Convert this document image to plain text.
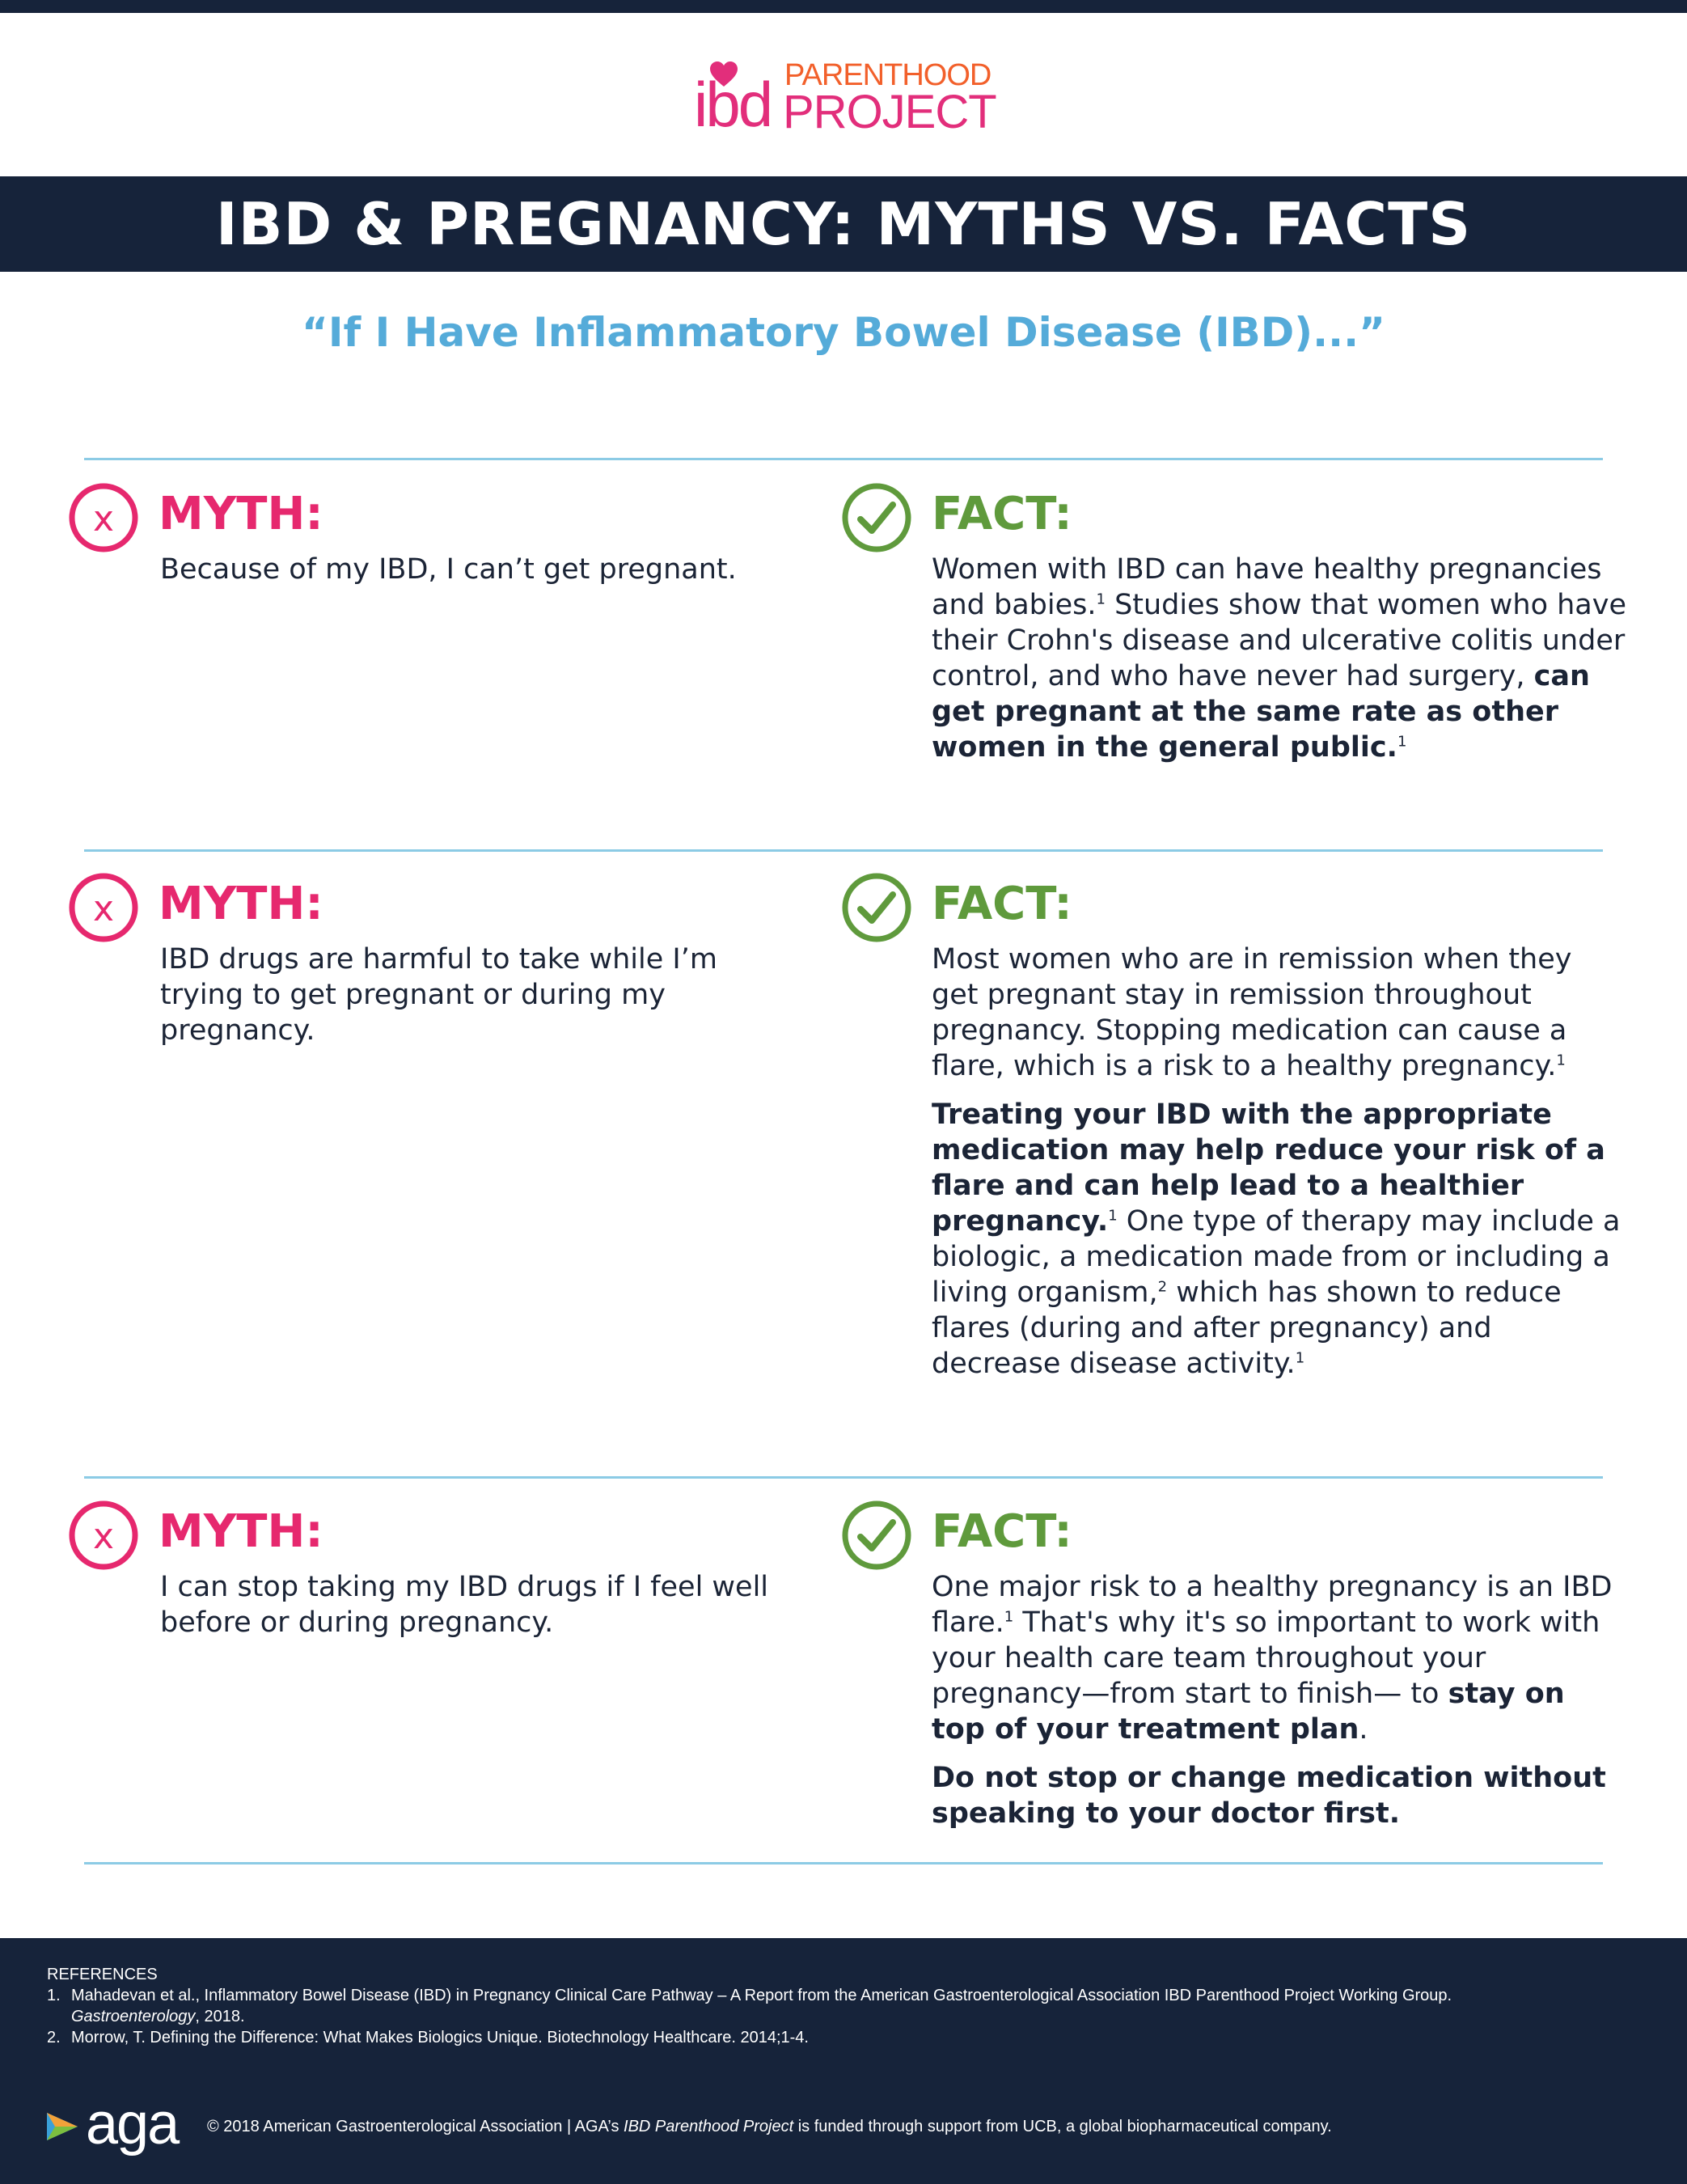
ibd PARENTHOOD
PROJECT
IBD & PREGNANCY: MYTHS VS. FACTS
“If I Have Inflammatory Bowel Disease (IBD)...”
x MYTH:
Because of my IBD, I can’t get pregnant.
FACT:

Women with IBD can have healthy pregnancies and babies.$^1$ Studies show that women who have their Crohn's disease and ulcerative colitis under control, and who have never had surgery, can get pregnant at the same rate as other women in the general public.$^1$

x MYTH:
IBD drugs are harmful to take while I’m trying to get pregnant or during my pregnancy.
FACT:

Most women who are in remission when they get pregnant stay in remission throughout pregnancy. Stopping medication can cause a flare, which is a risk to a healthy pregnancy.$^1$

Treating your IBD with the appropriate medication may help reduce your risk of a flare and can help lead to a healthier pregnancy.$^1$ One type of therapy may include a biologic, a medication made from or including a living organism,$^2$ which has shown to reduce flares (during and after pregnancy) and decrease disease activity.$^1$

x MYTH:
I can stop taking my IBD drugs if I feel well before or during pregnancy.
FACT:

One major risk to a healthy pregnancy is an IBD flare.$^1$ That's why it's so important to work with your health care team throughout your pregnancy—from start to finish— to stay on top of your treatment plan.

Do not stop or change medication without speaking to your doctor first.

REFERENCES
1. Mahadevan et al., Inflammatory Bowel Disease (IBD) in Pregnancy Clinical Care Pathway – A Report from the American Gastroenterological Association IBD Parenthood Project Working Group. Gastroenterology, 2018.
2. Morrow, T. Defining the Difference: What Makes Biologics Unique. Biotechnology Healthcare. 2014;1-4.
aga © 2018 American Gastroenterological Association | AGA’s IBD Parenthood Project is funded through support from UCB, a global biopharmaceutical company.
